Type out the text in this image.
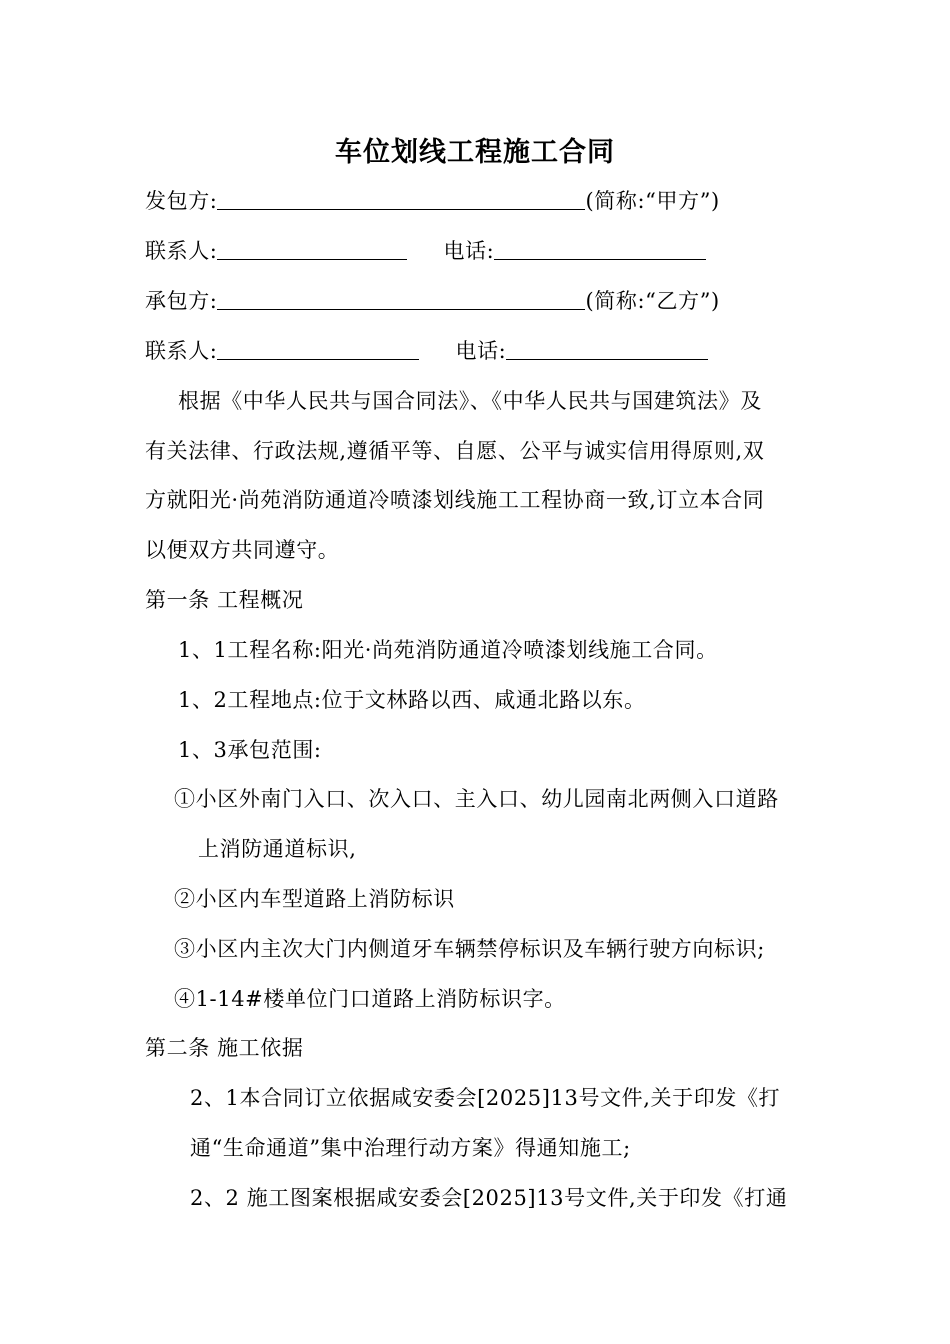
车位划线工程施工合同
发包方:	(简称:“甲方”)
联系人:	电话:
承包方:	(简称:“乙方”)
联系人:	电话:
根据《中华人民共与国合同法》、《中华人民共与国建筑法》及
有关法律、行政法规,遵循平等、自愿、公平与诚实信用得原则,双
方就阳光·尚苑消防通道冷喷漆划线施工工程协商一致,订立本合同
以便双方共同遵守。
第一条 工程概况
1、1工程名称:阳光·尚苑消防通道冷喷漆划线施工合同。
1、2工程地点:位于文林路以西、咸通北路以东。
1、3承包范围:
①小区外南门入口、次入口、主入口、幼儿园南北两侧入口道路
上消防通道标识,
②小区内车型道路上消防标识
③小区内主次大门内侧道牙车辆禁停标识及车辆行驶方向标识;
④1-14#楼单位门口道路上消防标识字。
第二条 施工依据
2、1本合同订立依据咸安委会[2025]13号文件,关于印发《打
通“生命通道”集中治理行动方案》得通知施工;
2、2 施工图案根据咸安委会[2025]13号文件,关于印发《打通
